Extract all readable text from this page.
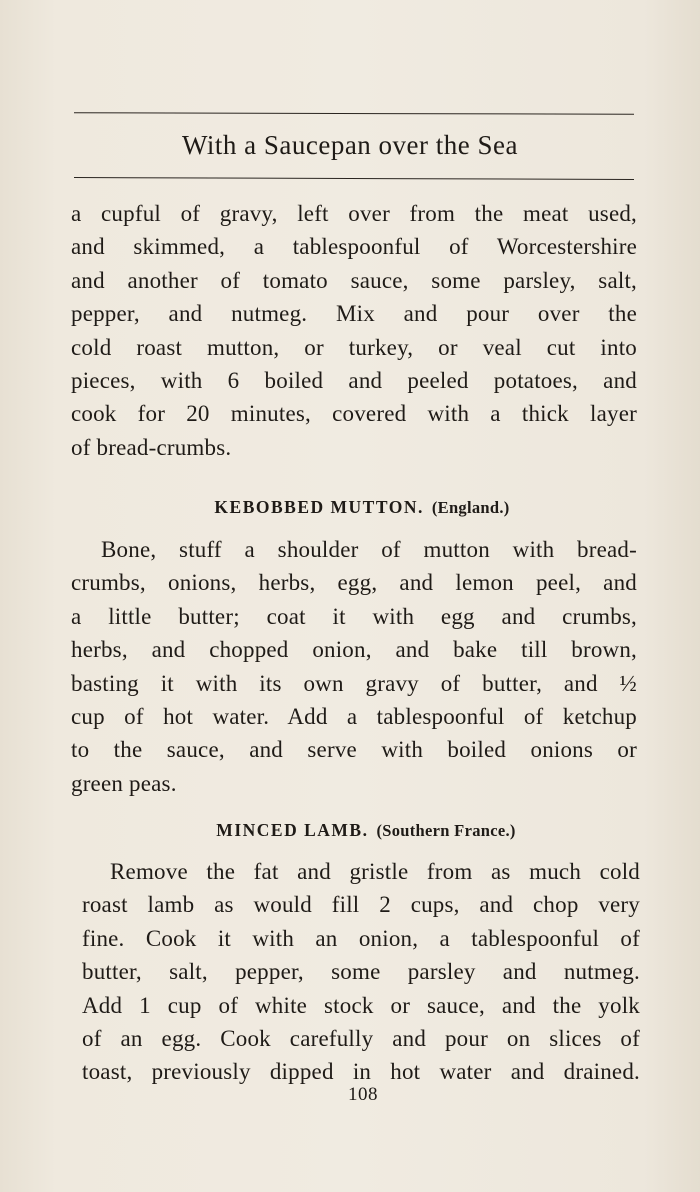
With a Saucepan over the Sea
a cupful of gravy, left over from the meat used,
and skimmed, a tablespoonful of Worcestershire
and another of tomato sauce, some parsley, salt,
pepper, and nutmeg. Mix and pour over the
cold roast mutton, or turkey, or veal cut into
pieces, with 6 boiled and peeled potatoes, and
cook for 20 minutes, covered with a thick layer
of bread-crumbs.
KEBOBBED MUTTON. (England.)
Bone, stuff a shoulder of mutton with bread-
crumbs, onions, herbs, egg, and lemon peel, and
a little butter; coat it with egg and crumbs,
herbs, and chopped onion, and bake till brown,
basting it with its own gravy of butter, and ½
cup of hot water. Add a tablespoonful of ketchup
to the sauce, and serve with boiled onions or
green peas.
MINCED LAMB. (Southern France.)
Remove the fat and gristle from as much cold
roast lamb as would fill 2 cups, and chop very
fine. Cook it with an onion, a tablespoonful of
butter, salt, pepper, some parsley and nutmeg.
Add 1 cup of white stock or sauce, and the yolk
of an egg. Cook carefully and pour on slices of
toast, previously dipped in hot water and drained.
108
